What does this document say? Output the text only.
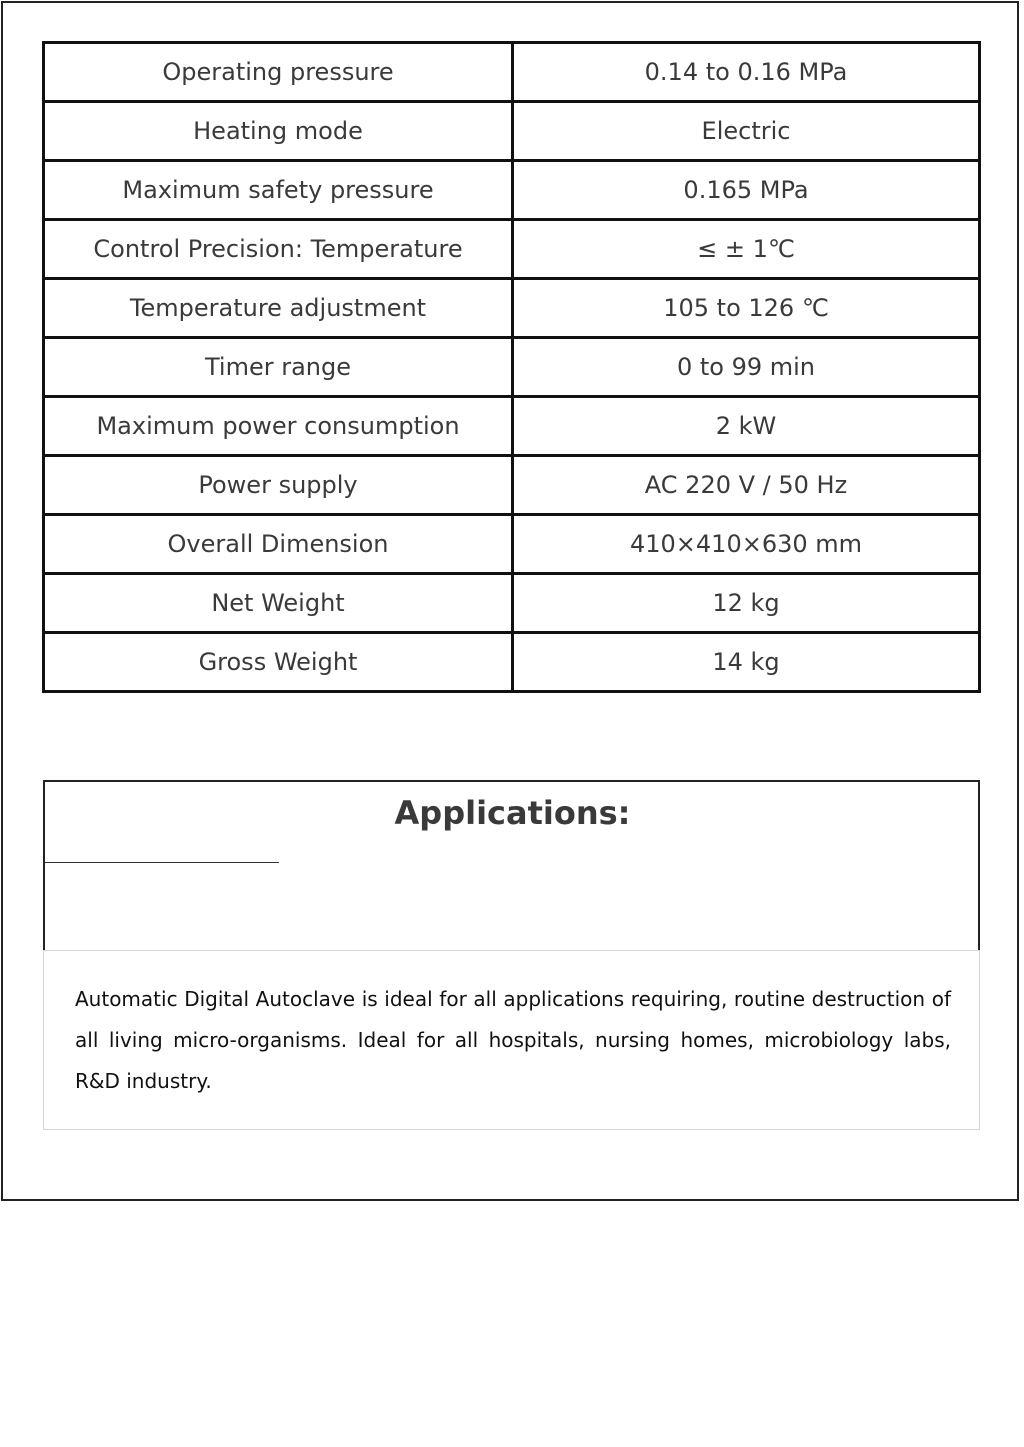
Operating pressure	0.14 to 0.16 MPa
Heating mode	Electric
Maximum safety pressure	0.165 MPa
Control Precision: Temperature	≤ ± 1℃
Temperature adjustment	105 to 126 ℃
Timer range	0 to 99 min
Maximum power consumption	2 kW
Power supply	AC 220 V / 50 Hz
Overall Dimension	410×410×630 mm
Net Weight	12 kg
Gross Weight	14 kg
Applications:
Automatic Digital Autoclave is ideal for all applications requiring, routine destruction of all living micro-organisms. Ideal for all hospitals, nursing homes, microbiology labs, R&D industry.
